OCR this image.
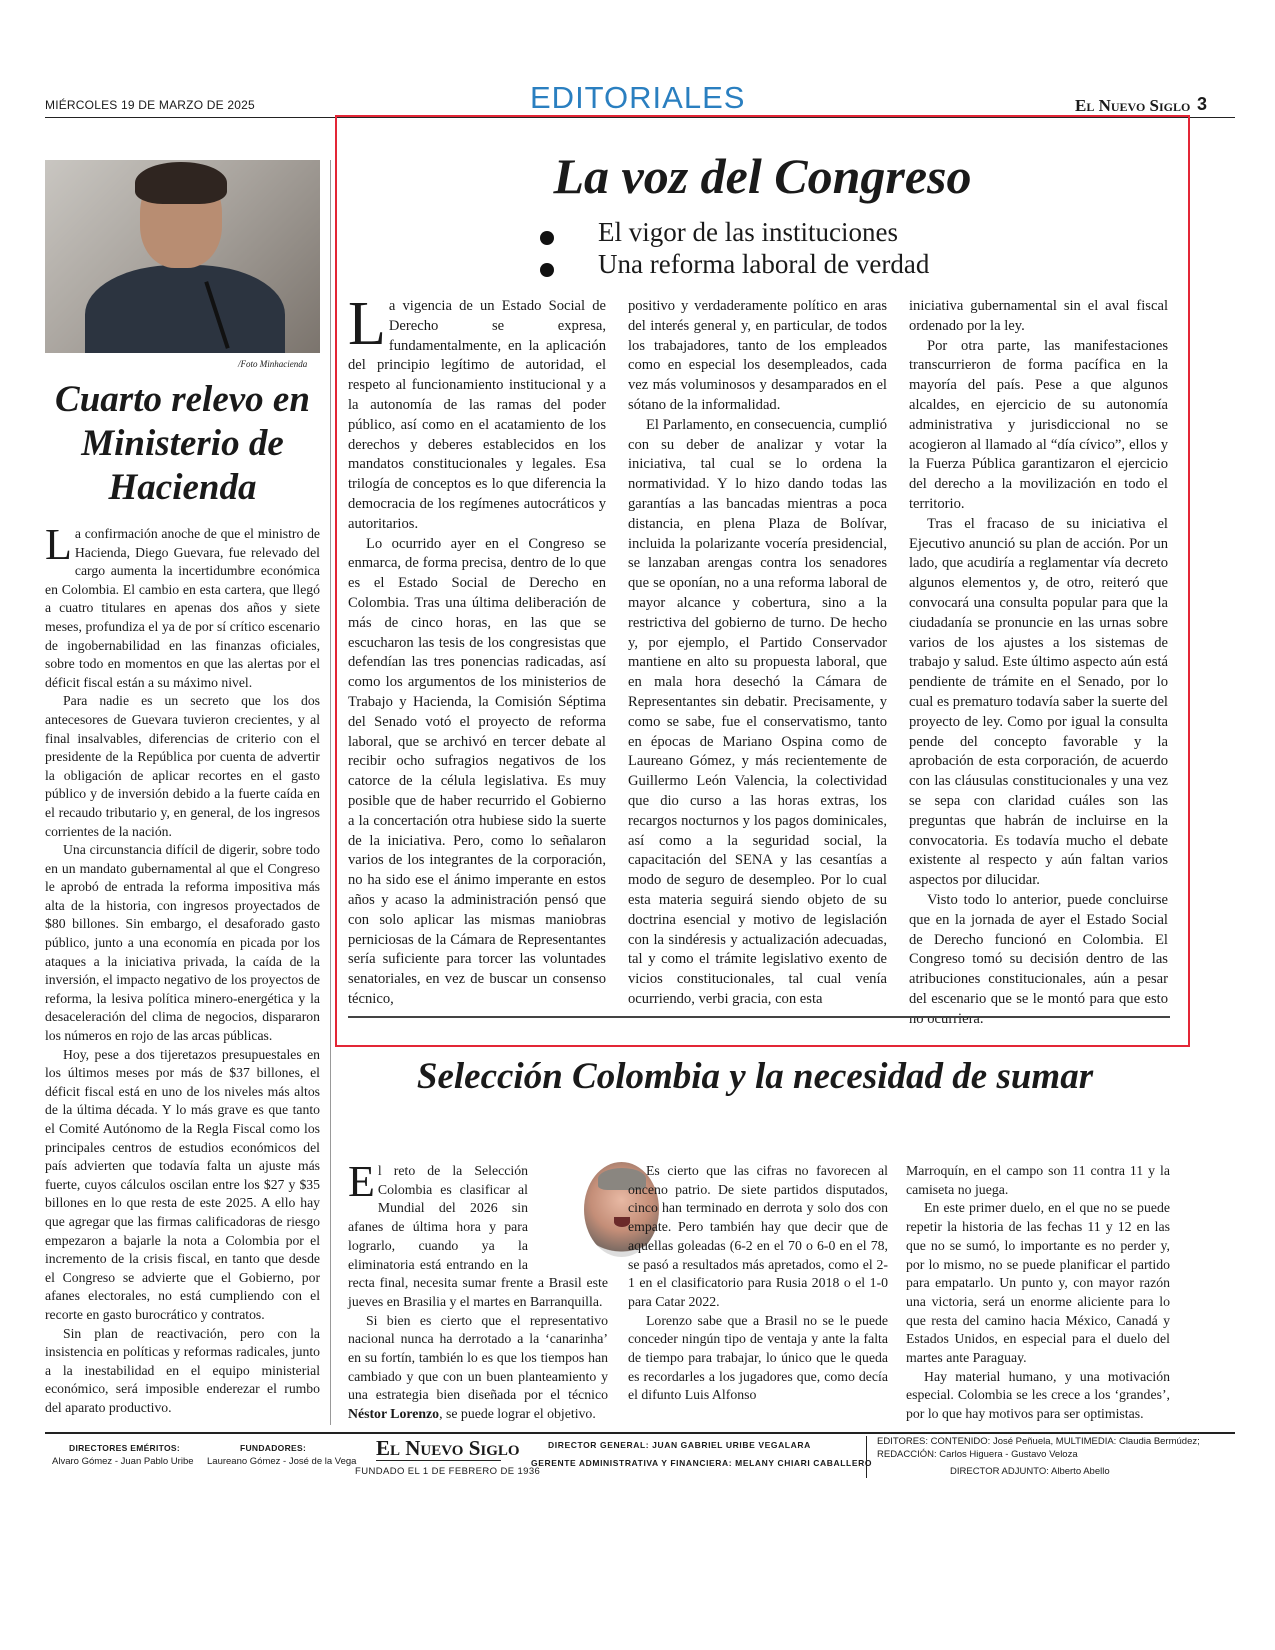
MIÉRCOLES 19 DE MARZO DE 2025	EDITORIALES	El Nuevo Siglo 3
/Foto Minhacienda
Cuarto relevo en Ministerio de Hacienda

La confirmación anoche de que el ministro de Hacienda, Diego Guevara, fue relevado del cargo aumenta la incertidumbre económica en Colombia. El cambio en esta cartera, que llegó a cuatro titulares en apenas dos años y siete meses, profundiza el ya de por sí crítico escenario de ingobernabilidad en las finanzas oficiales, sobre todo en momentos en que las alertas por el déficit fiscal están a su máximo nivel.

Para nadie es un secreto que los dos antecesores de Guevara tuvieron crecientes, y al final insalvables, diferencias de criterio con el presidente de la República por cuenta de advertir la obligación de aplicar recortes en el gasto público y de inversión debido a la fuerte caída en el recaudo tributario y, en general, de los ingresos corrientes de la nación.

Una circunstancia difícil de digerir, sobre todo en un mandato gubernamental al que el Congreso le aprobó de entrada la reforma impositiva más alta de la historia, con ingresos proyectados de $80 billones. Sin embargo, el desaforado gasto público, junto a una economía en picada por los ataques a la iniciativa privada, la caída de la inversión, el impacto negativo de los proyectos de reforma, la lesiva política minero-energética y la desaceleración del clima de negocios, dispararon los números en rojo de las arcas públicas.

Hoy, pese a dos tijeretazos presupuestales en los últimos meses por más de $37 billones, el déficit fiscal está en uno de los niveles más altos de la última década. Y lo más grave es que tanto el Comité Autónomo de la Regla Fiscal como los principales centros de estudios económicos del país advierten que todavía falta un ajuste más fuerte, cuyos cálculos oscilan entre los $27 y $35 billones en lo que resta de este 2025. A ello hay que agregar que las firmas calificadoras de riesgo empezaron a bajarle la nota a Colombia por el incremento de la crisis fiscal, en tanto que desde el Congreso se advierte que el Gobierno, por afanes electorales, no está cumpliendo con el recorte en gasto burocrático y contratos.

Sin plan de reactivación, pero con la insistencia en políticas y reformas radicales, junto a la inestabilidad en el equipo ministerial económico, será imposible enderezar el rumbo del aparato productivo.

La voz del Congreso
El vigor de las instituciones
Una reforma laboral de verdad

La vigencia de un Estado Social de Derecho se expresa, fundamentalmente, en la aplicación del principio legítimo de autoridad, el respeto al funcionamiento institucional y a la autonomía de las ramas del poder público, así como en el acatamiento de los derechos y deberes establecidos en los mandatos constitucionales y legales. Esa trilogía de conceptos es lo que diferencia la democracia de los regímenes autocráticos y autoritarios.

Lo ocurrido ayer en el Congreso se enmarca, de forma precisa, dentro de lo que es el Estado Social de Derecho en Colombia. Tras una última deliberación de más de cinco horas, en las que se escucharon las tesis de los congresistas que defendían las tres ponencias radicadas, así como los argumentos de los ministerios de Trabajo y Hacienda, la Comisión Séptima del Senado votó el proyecto de reforma laboral, que se archivó en tercer debate al recibir ocho sufragios negativos de los catorce de la célula legislativa. Es muy posible que de haber recurrido el Gobierno a la concertación otra hubiese sido la suerte de la iniciativa. Pero, como lo señalaron varios de los integrantes de la corporación, no ha sido ese el ánimo imperante en estos años y acaso la administración pensó que con solo aplicar las mismas maniobras perniciosas de la Cámara de Representantes sería suficiente para torcer las voluntades senatoriales, en vez de buscar un consenso técnico,

positivo y verdaderamente político en aras del interés general y, en particular, de todos los trabajadores, tanto de los empleados como en especial los desempleados, cada vez más voluminosos y desamparados en el sótano de la informalidad.

El Parlamento, en consecuencia, cumplió con su deber de analizar y votar la iniciativa, tal cual se lo ordena la normatividad. Y lo hizo dando todas las garantías a las bancadas mientras a poca distancia, en plena Plaza de Bolívar, incluida la polarizante vocería presidencial, se lanzaban arengas contra los senadores que se oponían, no a una reforma laboral de mayor alcance y cobertura, sino a la restrictiva del gobierno de turno. De hecho y, por ejemplo, el Partido Conservador mantiene en alto su propuesta laboral, que en mala hora desechó la Cámara de Representantes sin debatir. Precisamente, y como se sabe, fue el conservatismo, tanto en épocas de Mariano Ospina como de Laureano Gómez, y más recientemente de Guillermo León Valencia, la colectividad que dio curso a las horas extras, los recargos nocturnos y los pagos dominicales, así como a la seguridad social, la capacitación del SENA y las cesantías a modo de seguro de desempleo. Por lo cual esta materia seguirá siendo objeto de su doctrina esencial y motivo de legislación con la sindéresis y actualización adecuadas, tal y como el trámite legislativo exento de vicios constitucionales, tal cual venía ocurriendo, verbi gracia, con esta

iniciativa gubernamental sin el aval fiscal ordenado por la ley.

Por otra parte, las manifestaciones transcurrieron de forma pacífica en la mayoría del país. Pese a que algunos alcaldes, en ejercicio de su autonomía administrativa y jurisdiccional no se acogieron al llamado al “día cívico”, ellos y la Fuerza Pública garantizaron el ejercicio del derecho a la movilización en todo el territorio.

Tras el fracaso de su iniciativa el Ejecutivo anunció su plan de acción. Por un lado, que acudiría a reglamentar vía decreto algunos elementos y, de otro, reiteró que convocará una consulta popular para que la ciudadanía se pronuncie en las urnas sobre varios de los ajustes a los sistemas de trabajo y salud. Este último aspecto aún está pendiente de trámite en el Senado, por lo cual es prematuro todavía saber la suerte del proyecto de ley. Como por igual la consulta pende del concepto favorable y la aprobación de esta corporación, de acuerdo con las cláusulas constitucionales y una vez se sepa con claridad cuáles son las preguntas que habrán de incluirse en la convocatoria. Es todavía mucho el debate existente al respecto y aún faltan varios aspectos por dilucidar.

Visto todo lo anterior, puede concluirse que en la jornada de ayer el Estado Social de Derecho funcionó en Colombia. El Congreso tomó su decisión dentro de las atribuciones constitucionales, aún a pesar del escenario que se le montó para que esto no ocurriera.

Selección Colombia y la necesidad de sumar

El reto de la Selección Colombia es clasificar al Mundial del 2026 sin afanes de última hora y para lograrlo, cuando ya la eliminatoria está entrando en la recta final, necesita sumar frente a Brasil este jueves en Brasilia y el martes en Barranquilla.

Si bien es cierto que el representativo nacional nunca ha derrotado a la ‘canarinha’ en su fortín, también lo es que los tiempos han cambiado y que con un buen planteamiento y una estrategia bien diseñada por el técnico Néstor Lorenzo, se puede lograr el objetivo.

Es cierto que las cifras no favorecen al onceno patrio. De siete partidos disputados, cinco han terminado en derrota y solo dos con empate. Pero también hay que decir que de aquellas goleadas (6-2 en el 70 o 6-0 en el 78, se pasó a resultados más apretados, como el 2-1 en el clasificatorio para Rusia 2018 o el 1-0 para Catar 2022.

Lorenzo sabe que a Brasil no se le puede conceder ningún tipo de ventaja y ante la falta de tiempo para trabajar, lo único que le queda es recordarles a los jugadores que, como decía el difunto Luis Alfonso

Marroquín, en el campo son 11 contra 11 y la camiseta no juega.

En este primer duelo, en el que no se puede repetir la historia de las fechas 11 y 12 en las que no se sumó, lo importante es no perder y, por lo mismo, no se puede planificar el partido para empatarlo. Un punto y, con mayor razón una victoria, será un enorme aliciente para lo que resta del camino hacia México, Canadá y Estados Unidos, en especial para el duelo del martes ante Paraguay.

Hay material humano, y una motivación especial. Colombia se les crece a los ‘grandes’, por lo que hay motivos para ser optimistas.

DIRECTORES EMÉRITOS:
Alvaro Gómez - Juan Pablo Uribe
FUNDADORES:
Laureano Gómez - José de la Vega
El Nuevo Siglo
FUNDADO EL 1 DE FEBRERO DE 1936
DIRECTOR GENERAL: JUAN GABRIEL URIBE VEGALARA
GERENTE ADMINISTRATIVA Y FINANCIERA: MELANY CHIARI CABALLERO
EDITORES: CONTENIDO: José Peñuela, MULTIMEDIA: Claudia Bermúdez;
REDACCIÓN: Carlos Higuera - Gustavo Veloza
DIRECTOR ADJUNTO: Alberto Abello
